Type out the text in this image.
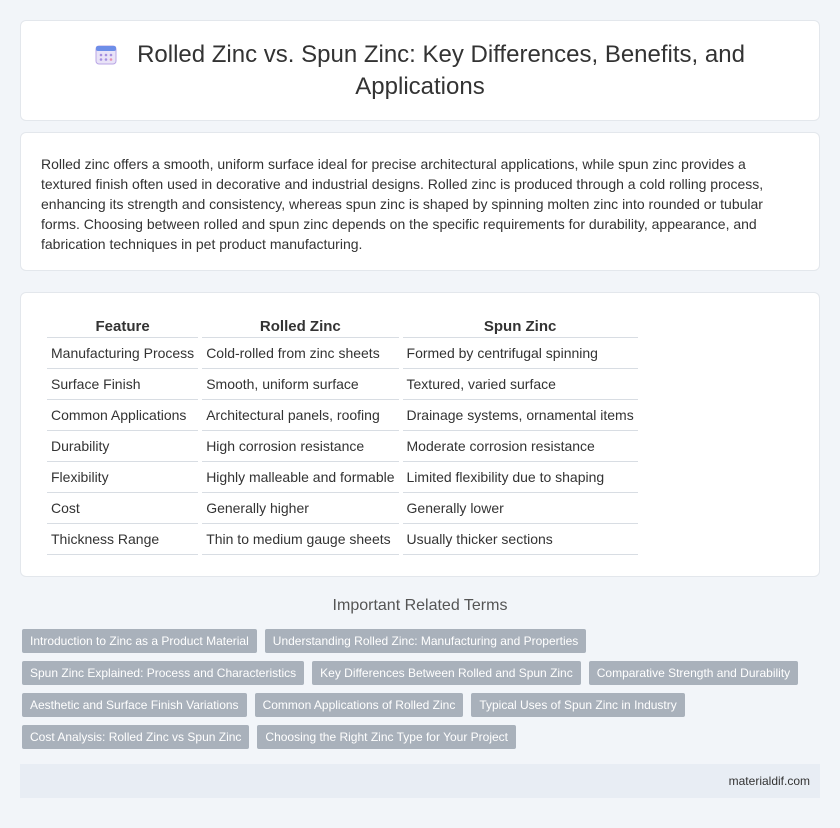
Rolled Zinc vs. Spun Zinc: Key Differences, Benefits, and Applications

Rolled zinc offers a smooth, uniform surface ideal for precise architectural applications, while spun zinc provides a textured finish often used in decorative and industrial designs. Rolled zinc is produced through a cold rolling process, enhancing its strength and consistency, whereas spun zinc is shaped by spinning molten zinc into rounded or tubular forms. Choosing between rolled and spun zinc depends on the specific requirements for durability, appearance, and fabrication techniques in pet product manufacturing.

Feature	Rolled Zinc	Spun Zinc
Manufacturing Process	Cold-rolled from zinc sheets	Formed by centrifugal spinning
Surface Finish	Smooth, uniform surface	Textured, varied surface
Common Applications	Architectural panels, roofing	Drainage systems, ornamental items
Durability	High corrosion resistance	Moderate corrosion resistance
Flexibility	Highly malleable and formable	Limited flexibility due to shaping
Cost	Generally higher	Generally lower
Thickness Range	Thin to medium gauge sheets	Usually thicker sections
Important Related Terms
Introduction to Zinc as a Product Material	Understanding Rolled Zinc: Manufacturing and Properties
Spun Zinc Explained: Process and Characteristics	Key Differences Between Rolled and Spun Zinc	Comparative Strength and Durability
Aesthetic and Surface Finish Variations	Common Applications of Rolled Zinc	Typical Uses of Spun Zinc in Industry
Cost Analysis: Rolled Zinc vs Spun Zinc	Choosing the Right Zinc Type for Your Project
materialdif.com
